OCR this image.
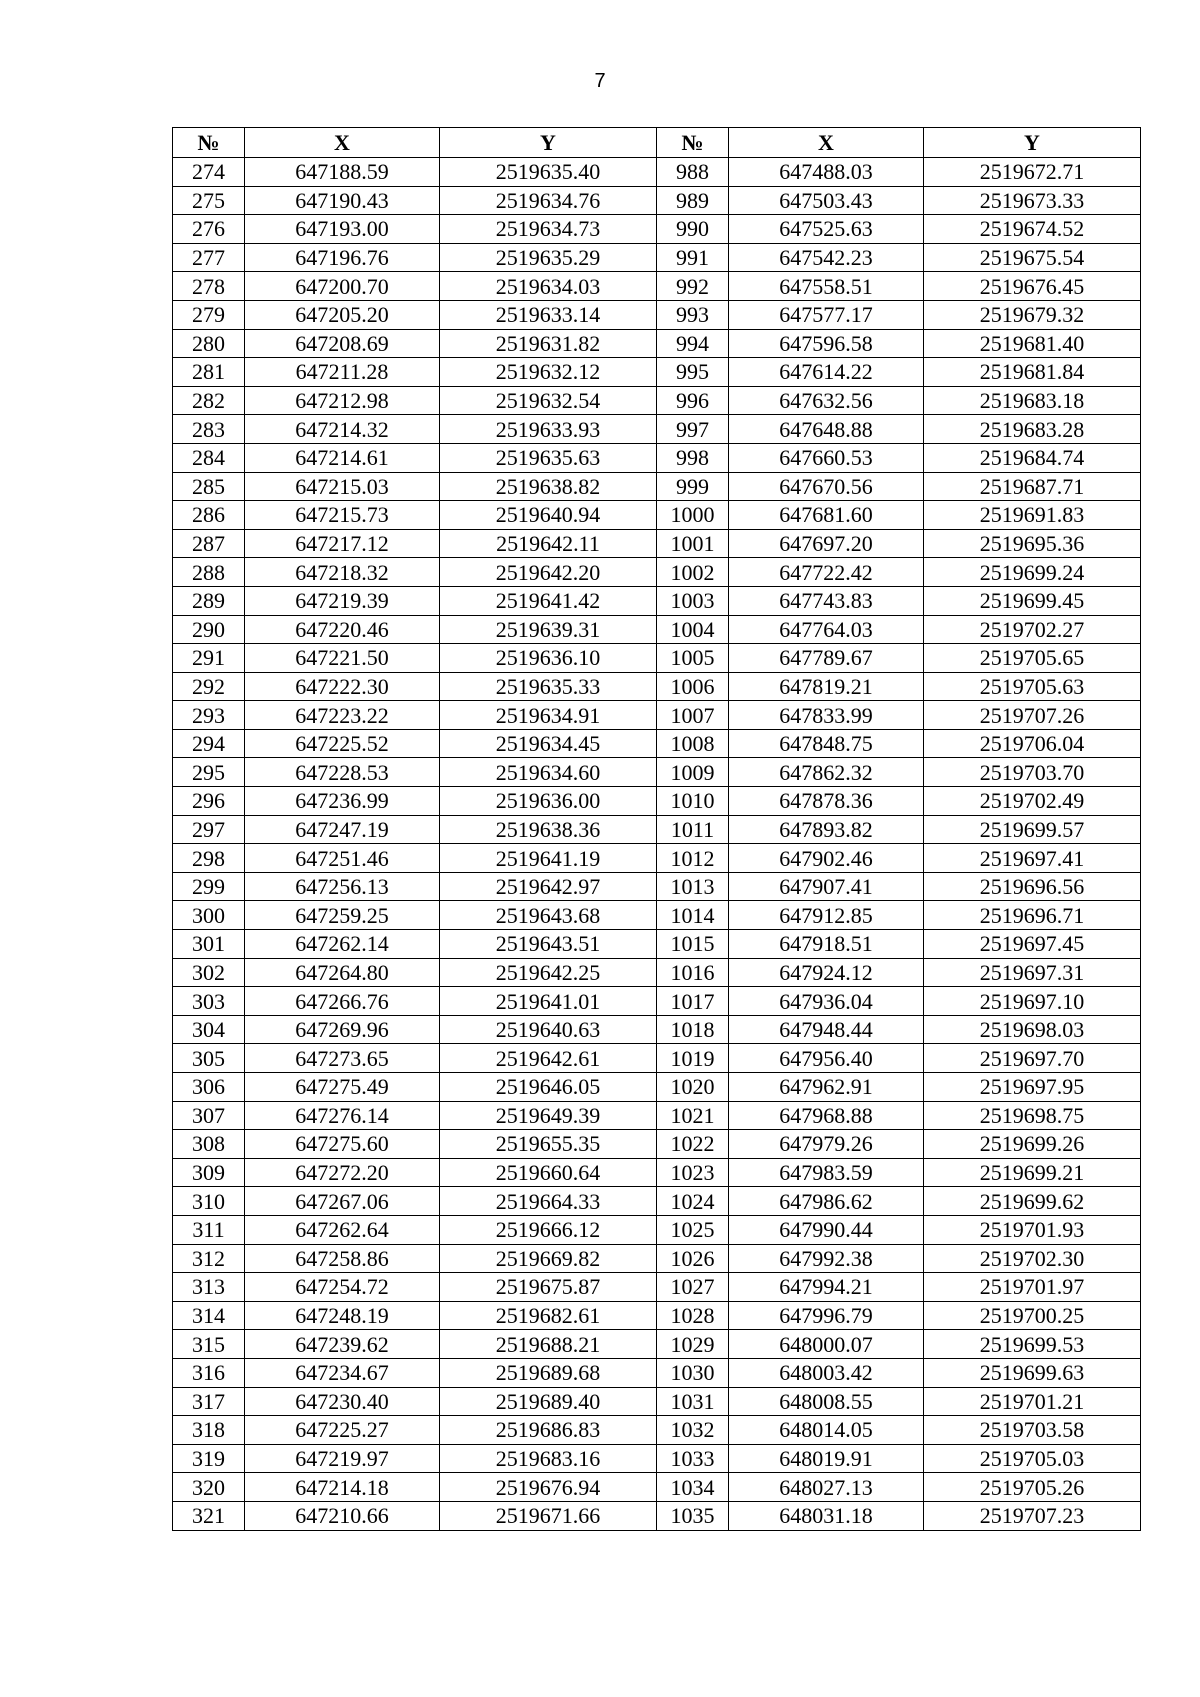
7
№	X	Y	№	X	Y
274	647188.59	2519635.40	988	647488.03	2519672.71
275	647190.43	2519634.76	989	647503.43	2519673.33
276	647193.00	2519634.73	990	647525.63	2519674.52
277	647196.76	2519635.29	991	647542.23	2519675.54
278	647200.70	2519634.03	992	647558.51	2519676.45
279	647205.20	2519633.14	993	647577.17	2519679.32
280	647208.69	2519631.82	994	647596.58	2519681.40
281	647211.28	2519632.12	995	647614.22	2519681.84
282	647212.98	2519632.54	996	647632.56	2519683.18
283	647214.32	2519633.93	997	647648.88	2519683.28
284	647214.61	2519635.63	998	647660.53	2519684.74
285	647215.03	2519638.82	999	647670.56	2519687.71
286	647215.73	2519640.94	1000	647681.60	2519691.83
287	647217.12	2519642.11	1001	647697.20	2519695.36
288	647218.32	2519642.20	1002	647722.42	2519699.24
289	647219.39	2519641.42	1003	647743.83	2519699.45
290	647220.46	2519639.31	1004	647764.03	2519702.27
291	647221.50	2519636.10	1005	647789.67	2519705.65
292	647222.30	2519635.33	1006	647819.21	2519705.63
293	647223.22	2519634.91	1007	647833.99	2519707.26
294	647225.52	2519634.45	1008	647848.75	2519706.04
295	647228.53	2519634.60	1009	647862.32	2519703.70
296	647236.99	2519636.00	1010	647878.36	2519702.49
297	647247.19	2519638.36	1011	647893.82	2519699.57
298	647251.46	2519641.19	1012	647902.46	2519697.41
299	647256.13	2519642.97	1013	647907.41	2519696.56
300	647259.25	2519643.68	1014	647912.85	2519696.71
301	647262.14	2519643.51	1015	647918.51	2519697.45
302	647264.80	2519642.25	1016	647924.12	2519697.31
303	647266.76	2519641.01	1017	647936.04	2519697.10
304	647269.96	2519640.63	1018	647948.44	2519698.03
305	647273.65	2519642.61	1019	647956.40	2519697.70
306	647275.49	2519646.05	1020	647962.91	2519697.95
307	647276.14	2519649.39	1021	647968.88	2519698.75
308	647275.60	2519655.35	1022	647979.26	2519699.26
309	647272.20	2519660.64	1023	647983.59	2519699.21
310	647267.06	2519664.33	1024	647986.62	2519699.62
311	647262.64	2519666.12	1025	647990.44	2519701.93
312	647258.86	2519669.82	1026	647992.38	2519702.30
313	647254.72	2519675.87	1027	647994.21	2519701.97
314	647248.19	2519682.61	1028	647996.79	2519700.25
315	647239.62	2519688.21	1029	648000.07	2519699.53
316	647234.67	2519689.68	1030	648003.42	2519699.63
317	647230.40	2519689.40	1031	648008.55	2519701.21
318	647225.27	2519686.83	1032	648014.05	2519703.58
319	647219.97	2519683.16	1033	648019.91	2519705.03
320	647214.18	2519676.94	1034	648027.13	2519705.26
321	647210.66	2519671.66	1035	648031.18	2519707.23
